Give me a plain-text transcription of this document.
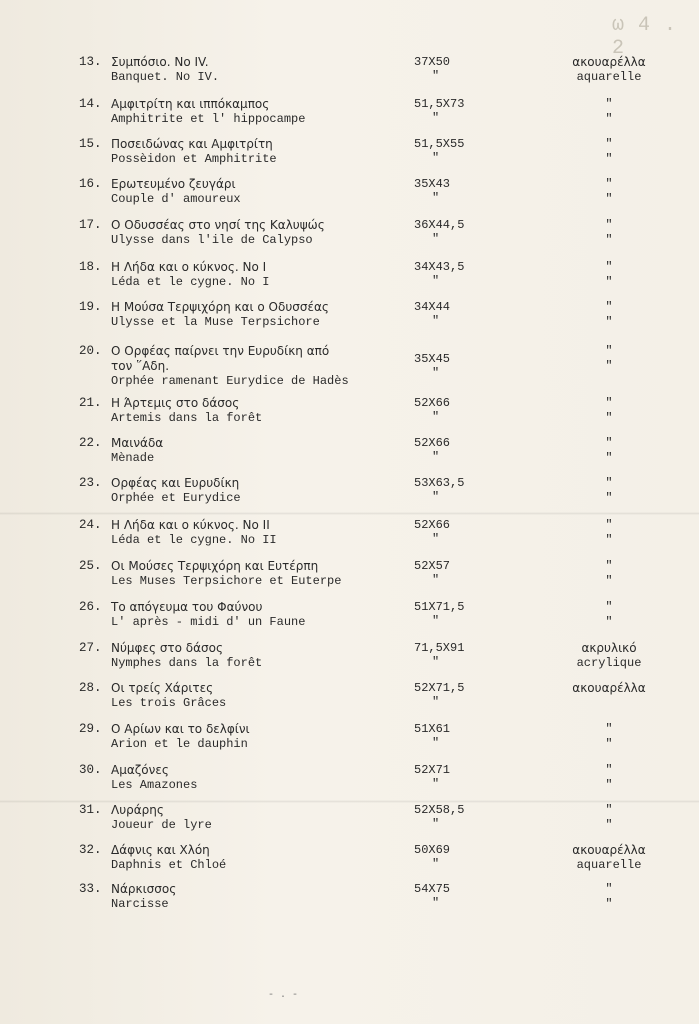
ω 4 . 2
13. Συμπόσιο. No IV.
Banquet. No IV.
37X50
"
ακουαρέλλα
aquarelle
14. Αμφιτρίτη και ιππόκαμπος
Amphitrite et l' hippocampe
51,5X73
"
"
"
15. Ποσειδώνας και Αμφιτρίτη
Possèidon et Amphitrite
51,5X55
"
"
"
16. Ερωτευμένο ζευγάρι
Couple d' amoureux
35X43
"
"
"
17. Ο Οδυσσέας στο νησί της Καλυψώς
Ulysse dans l'ile de Calypso
36X44,5
"
"
"
18. Η Λήδα και ο κύκνος. No I
Léda et le cygne. No I
34X43,5
"
"
"
19. Η Μούσα Τερψιχόρη και ο Οδυσσέας
Ulysse et la Muse Terpsichore
34X44
"
"
"
20. Ο Ορφέας παίρνει την Ευρυδίκη από
τον ῞Αδη.
Orphée ramenant Eurydice de Hadès
35X45
"
"
"
21. Η Άρτεμις στο δάσος
Artemis dans la forêt
52X66
"
"
"
22. Μαινάδα
Mènade
52X66
"
"
"
23. Ορφέας και Ευρυδίκη
Orphée et Eurydice
53X63,5
"
"
"
24. Η Λήδα και ο κύκνος. No II
Léda et le cygne. No II
52X66
"
"
"
25. Οι Μούσες Τερψιχόρη και Ευτέρπη
Les Muses Terpsichore et Euterpe
52X57
"
"
"
26. Το απόγευμα του Φαύνου
L' après - midi d' un Faune
51X71,5
"
"
"
27. Νύμφες στο δάσος
Nymphes dans la forêt
71,5X91
"
ακρυλικό
acrylique
28. Οι τρείς Χάριτες
Les trois Grâces
52X71,5
"
ακουαρέλλα
29. Ο Αρίων και το δελφίνι
Arion et le dauphin
51X61
"
"
"
30. Αμαζόνες
Les Amazones
52X71
"
"
"
31. Λυράρης
Joueur de lyre
52X58,5
"
"
"
32. Δάφνις και Χλόη
Daphnis et Chloé
50X69
"
ακουαρέλλα
aquarelle
33. Νάρκισσος
Narcisse
54X75
"
"
"
- . -
